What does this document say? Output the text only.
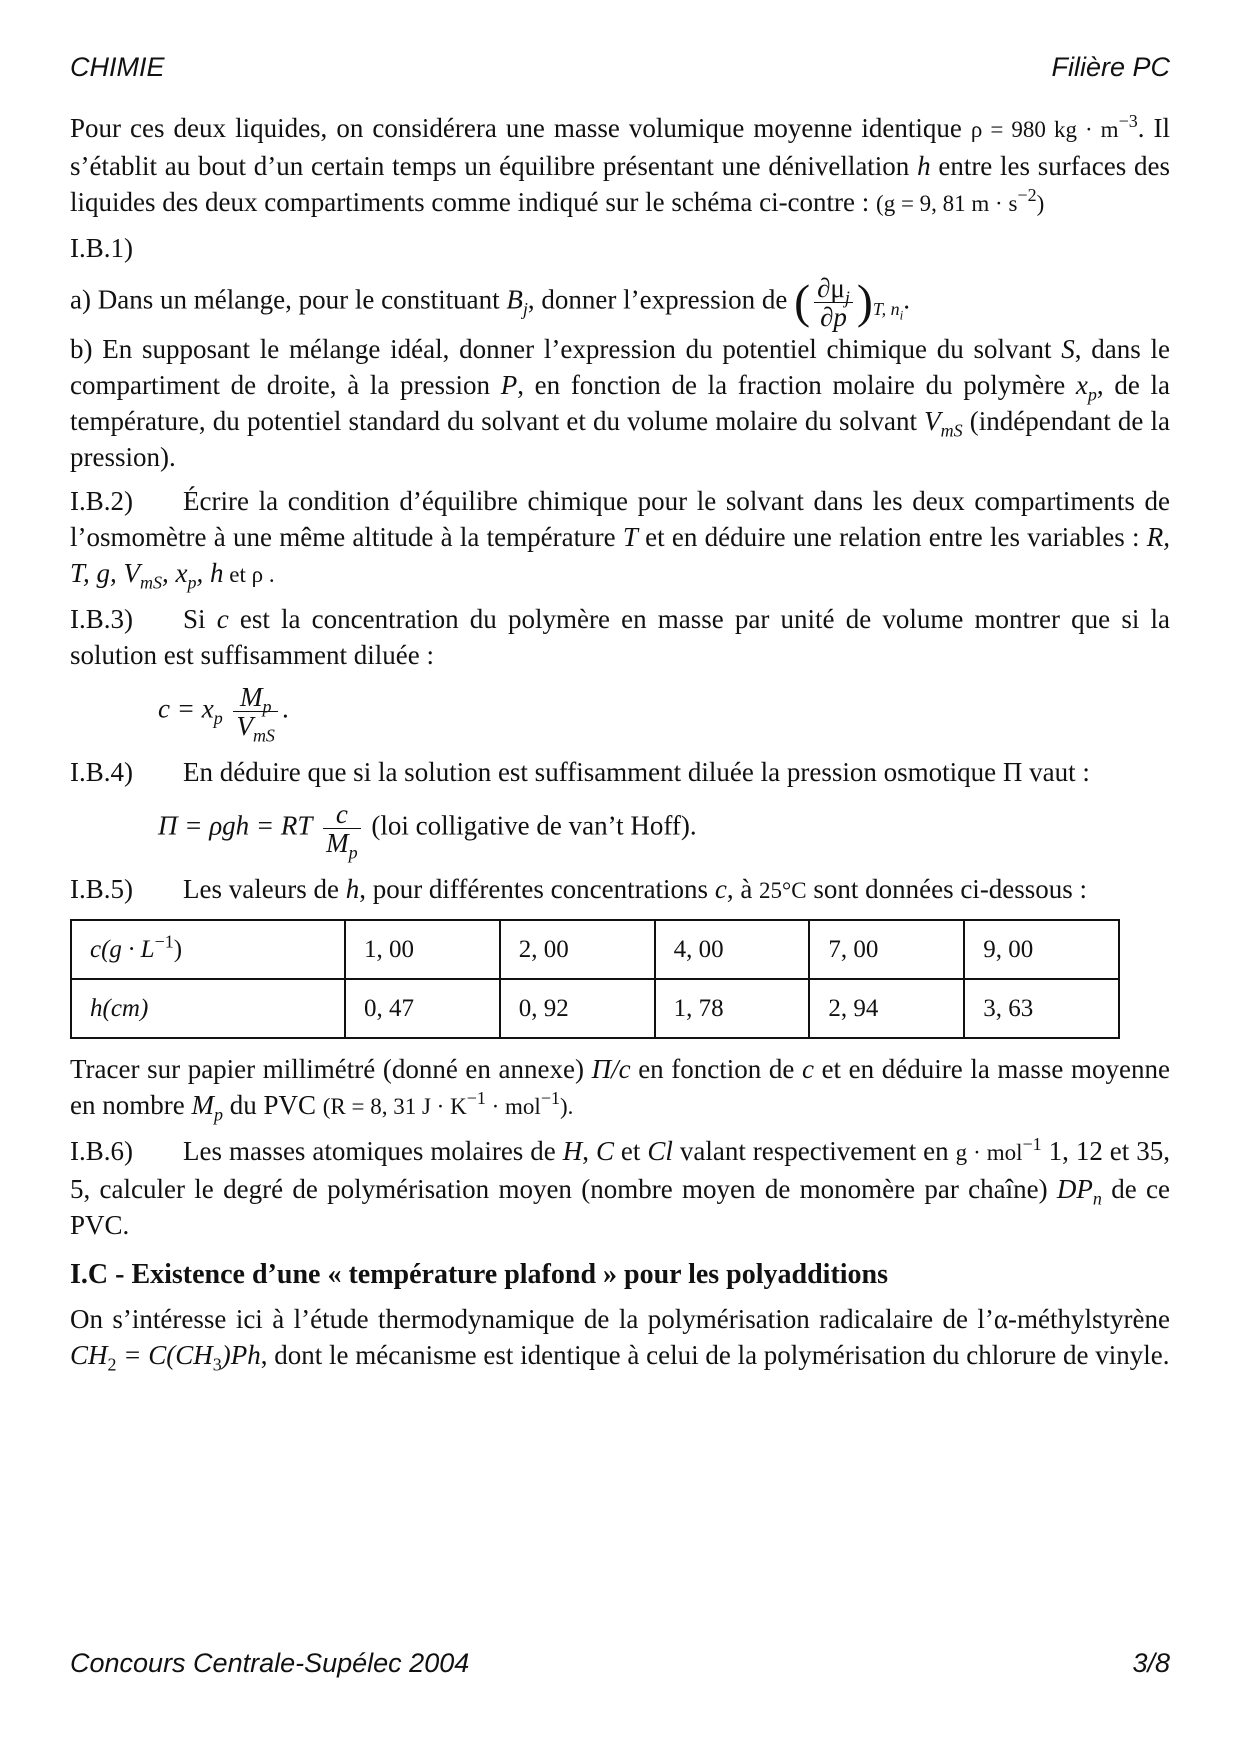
CHIMIE	Filière PC

Pour ces deux liquides, on considérera une masse volumique moyenne identique ρ = 980 kg · $m^{-3}$. Il s’établit au bout d’un certain temps un équilibre présentant une dénivellation h entre les surfaces des liquides des deux compartiments comme indiqué sur le schéma ci-contre : (g = 9, 81 $m \cdot s^{-2}$)

I.B.1)

a) Dans un mélange, pour le constituant $B_j$, donner l’expression de ( $\frac{\partial\mu_j}{\partial p} )_{T, n_i}$.

b) En supposant le mélange idéal, donner l’expression du potentiel chimique du solvant S, dans le compartiment de droite, à la pression P, en fonction de la fraction molaire du polymère $x_p$, de la température, du potentiel standard du solvant et du volume molaire du solvant $V_{mS}$ (indépendant de la pression).

I.B.2) Écrire la condition d’équilibre chimique pour le solvant dans les deux compartiments de l’osmomètre à une même altitude à la température T et en déduire une relation entre les variables : R, T, g, $V_{mS}$, $x_p$, h et ρ .

I.B.3) Si c est la concentration du polymère en masse par unité de volume montrer que si la solution est suffisamment diluée :

$c = x_p \frac{M_p}{V_{mS}}$ .

I.B.4) En déduire que si la solution est suffisamment diluée la pression osmotique Π vaut :

Π = ρgh = RT $\frac{c}{M_p} (loi$ colligative de van’t Hoff).

I.B.5) Les valeurs de h, pour différentes concentrations c, à 25°C sont données ci-dessous :

$c(g \cdot L^{-1})$	1, 00	2, 00	4, 00	7, 00	9, 00
h(cm)	0, 47	0, 92	1, 78	2, 94	3, 63

Tracer sur papier millimétré (donné en annexe) Π/c en fonction de c et en déduire la masse moyenne en nombre $M_p$ du PVC (R = 8, 31 $J \cdot K^{-1} \cdot mol^{-1}$).

I.B.6) Les masses atomiques molaires de H, C et Cl valant respectivement en g · mol$^{-1}$ 1, 12 et 35, 5, calculer le degré de polymérisation moyen (nombre moyen de monomère par chaîne) $DP_n$ de ce PVC.

I.C - Existence d’une « température plafond » pour les polyadditions

On s’intéresse ici à l’étude thermodynamique de la polymérisation radicalaire de l’α-méthylstyrène $CH_2 = C(CH_3)Ph$, dont le mécanisme est identique à celui de la polymérisation du chlorure de vinyle.

Concours Centrale-Supélec 2004	3/8
